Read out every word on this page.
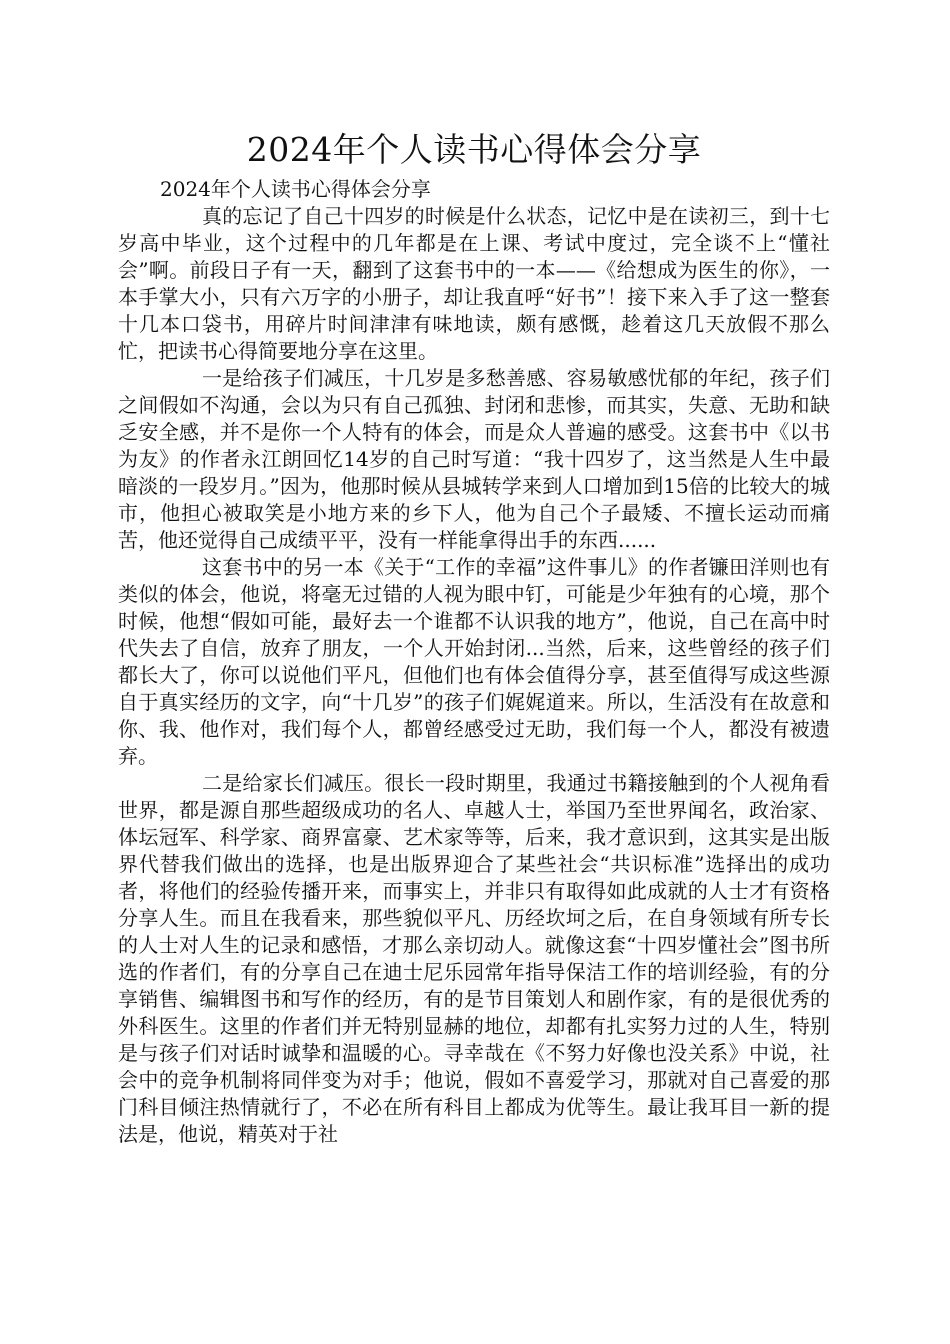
2024年个人读书心得体会分享

2024年个人读书心得体会分享

真的忘记了自己十四岁的时候是什么状态，记忆中是在读初三，到十七岁高中毕业，这个过程中的几年都是在上课、考试中度过，完全谈不上“懂社会”啊。前段日子有一天，翻到了这套书中的一本——《给想成为医生的你》，一本手掌大小，只有六万字的小册子，却让我直呼“好书”！接下来入手了这一整套十几本口袋书，用碎片时间津津有味地读，颇有感慨，趁着这几天放假不那么忙，把读书心得简要地分享在这里。

一是给孩子们减压，十几岁是多愁善感、容易敏感忧郁的年纪，孩子们之间假如不沟通，会以为只有自己孤独、封闭和悲惨，而其实，失意、无助和缺乏安全感，并不是你一个人特有的体会，而是众人普遍的感受。这套书中《以书为友》的作者永江朗回忆14岁的自己时写道：“我十四岁了，这当然是人生中最暗淡的一段岁月。”因为，他那时候从县城转学来到人口增加到15倍的比较大的城市，他担心被取笑是小地方来的乡下人，他为自己个子最矮、不擅长运动而痛苦，他还觉得自己成绩平平，没有一样能拿得出手的东西......

这套书中的另一本《关于“工作的幸福”这件事儿》的作者镰田洋则也有类似的体会，他说，将毫无过错的人视为眼中钉，可能是少年独有的心境，那个时候，他想“假如可能，最好去一个谁都不认识我的地方”，他说，自己在高中时代失去了自信，放弃了朋友，一个人开始封闭...当然，后来，这些曾经的孩子们都长大了，你可以说他们平凡，但他们也有体会值得分享，甚至值得写成这些源自于真实经历的文字，向“十几岁”的孩子们娓娓道来。所以，生活没有在故意和你、我、他作对，我们每个人，都曾经感受过无助，我们每一个人，都没有被遗弃。

二是给家长们减压。很长一段时期里，我通过书籍接触到的个人视角看世界，都是源自那些超级成功的名人、卓越人士，举国乃至世界闻名，政治家、体坛冠军、科学家、商界富豪、艺术家等等，后来，我才意识到，这其实是出版界代替我们做出的选择，也是出版界迎合了某些社会“共识标准”选择出的成功者，将他们的经验传播开来，而事实上，并非只有取得如此成就的人士才有资格分享人生。而且在我看来，那些貌似平凡、历经坎坷之后，在自身领域有所专长的人士对人生的记录和感悟，才那么亲切动人。就像这套“十四岁懂社会”图书所选的作者们，有的分享自己在迪士尼乐园常年指导保洁工作的培训经验，有的分享销售、编辑图书和写作的经历，有的是节目策划人和剧作家，有的是很优秀的外科医生。这里的作者们并无特别显赫的地位，却都有扎实努力过的人生，特别是与孩子们对话时诚挚和温暖的心。寻幸哉在《不努力好像也没关系》中说，社会中的竞争机制将同伴变为对手；他说，假如不喜爱学习，那就对自己喜爱的那门科目倾注热情就行了，不必在所有科目上都成为优等生。最让我耳目一新的提法是，他说，精英对于社
